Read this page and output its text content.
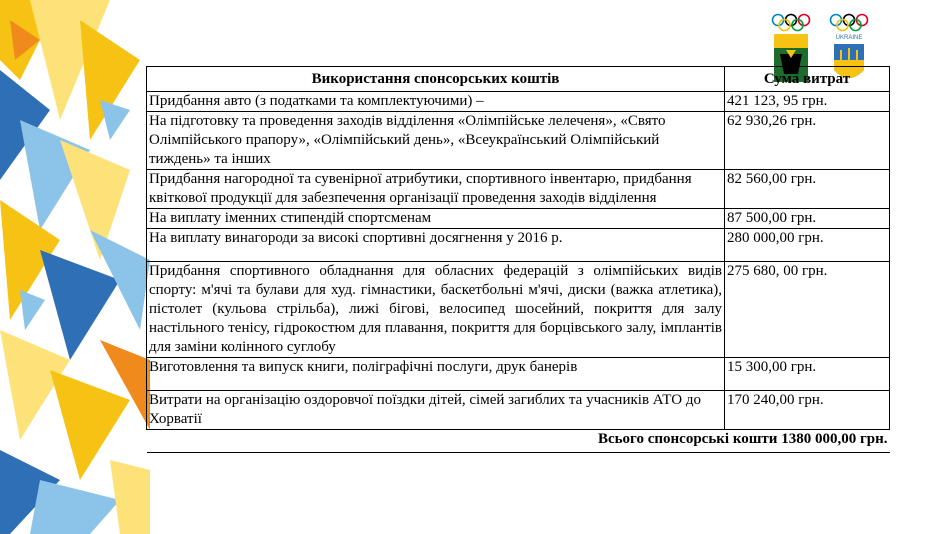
UKRAINE
Використання спонсорських коштів	Сума витрат
Придбання авто (з податками та комплектуючими) –	421 123, 95 грн.
На підготовку та проведення заходів відділення «Олімпійське лелеченя», «Свято Олімпійського прапору», «Олімпійський день», «Всеукраїнський Олімпійський тиждень» та інших	62 930,26 грн.
Придбання нагородної та сувенірної атрибутики, спортивного інвентарю, придбання квіткової продукції для забезпечення організації проведення заходів відділення	82 560,00 грн.
На виплату іменних стипендій спортсменам	87 500,00 грн.
На виплату винагороди за високі спортивні досягнення у 2016 р.	280 000,00 грн.
Придбання спортивного обладнання для обласних федерацій з олімпійських видів спорту: м'ячі та булави для худ. гімнастики, баскетбольні м'ячі, диски (важка атлетика), пістолет (кульова стрільба), лижі бігові, велосипед шосейний, покриття для залу настільного тенісу, гідрокостюм для плавання, покриття для борцівського залу, імплантів для заміни колінного суглобу	275 680, 00 грн.
Виготовлення та випуск книги, поліграфічні послуги, друк банерів	15 300,00 грн.
Витрати на організацію оздоровчої поїздки дітей, сімей загиблих та учасників АТО до Хорватії	170 240,00 грн.
Всього спонсорські кошти 1380 000,00 грн.	
